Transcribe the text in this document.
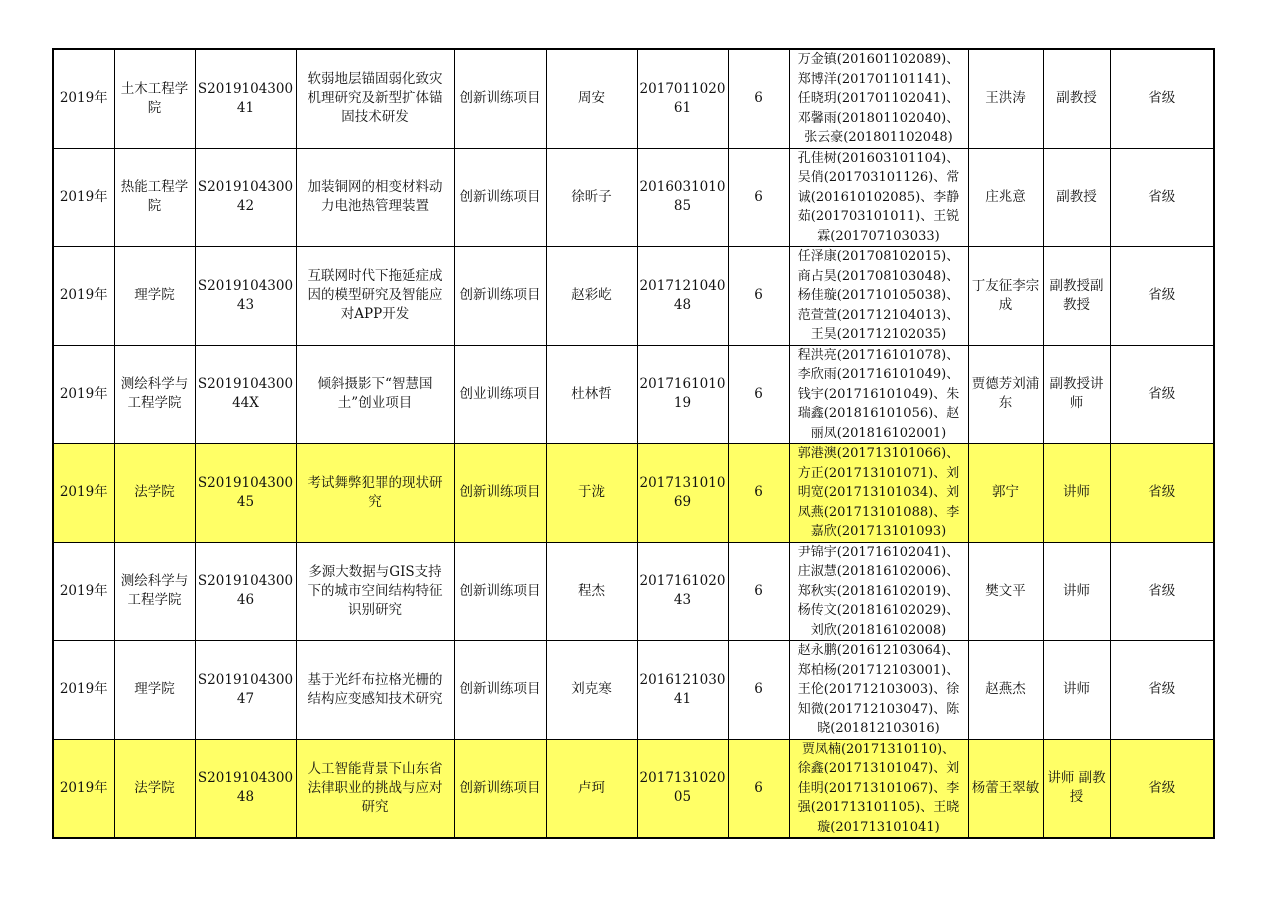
2019年	土木工程学院	S201910430041	软弱地层锚固弱化致灾机理研究及新型扩体锚固技术研发	创新训练项目	周安	201701102061	6	万金镇(201601102089)、
郑博洋(201701101141)、
任晓玥(201701102041)、
邓馨雨(201801102040)、
张云豪(201801102048)	王洪涛	副教授	省级
2019年	热能工程学院	S201910430042	加装铜网的相变材料动力电池热管理装置	创新训练项目	徐昕子	201603101085	6	孔佳树(201603101104)、
吴俏(201703101126)、常
诚(201610102085)、李静
茹(201703101011)、王锐
霖(201707103033)	庄兆意	副教授	省级
2019年	理学院	S201910430043	互联网时代下拖延症成因的模型研究及智能应对APP开发	创新训练项目	赵彩屹	201712104048	6	任泽康(201708102015)、
商占昊(201708103048)、
杨佳璇(201710105038)、
范萱萱(201712104013)、
王昊(201712102035)	丁友征李宗成	副教授副教授	省级
2019年	测绘科学与工程学院	S201910430044X	倾斜摄影下“智慧国土”创业项目	创业训练项目	杜林哲	201716101019	6	程洪亮(201716101078)、
李欣雨(201716101049)、
钱宇(201716101049)、朱
瑞鑫(201816101056)、赵
丽凤(201816102001)	贾德芳刘浦东	副教授讲师	省级
2019年	法学院	S201910430045	考试舞弊犯罪的现状研究	创新训练项目	于泷	201713101069	6	郭港澳(201713101066)、
方正(201713101071)、刘
明宽(201713101034)、刘
凤燕(201713101088)、李
嘉欣(201713101093)	郭宁	讲师	省级
2019年	测绘科学与工程学院	S201910430046	多源大数据与GIS支持下的城市空间结构特征识别研究	创新训练项目	程杰	201716102043	6	尹锦宇(201716102041)、
庄淑慧(201816102006)、
郑秋实(201816102019)、
杨传文(201816102029)、
刘欣(201816102008)	樊文平	讲师	省级
2019年	理学院	S201910430047	基于光纤布拉格光栅的结构应变感知技术研究	创新训练项目	刘克寒	201612103041	6	赵永鹏(201612103064)、
郑柏杨(201712103001)、
王伦(201712103003)、徐
知微(201712103047)、陈
晓(201812103016)	赵燕杰	讲师	省级
2019年	法学院	S201910430048	人工智能背景下山东省法律职业的挑战与应对研究	创新训练项目	卢珂	201713102005	6	贾凤楠(20171310110)、
徐鑫(201713101047)、刘
佳明(201713101067)、李
强(201713101105)、王晓
璇(201713101041)	杨蕾王翠敏	讲师 副教授	省级
